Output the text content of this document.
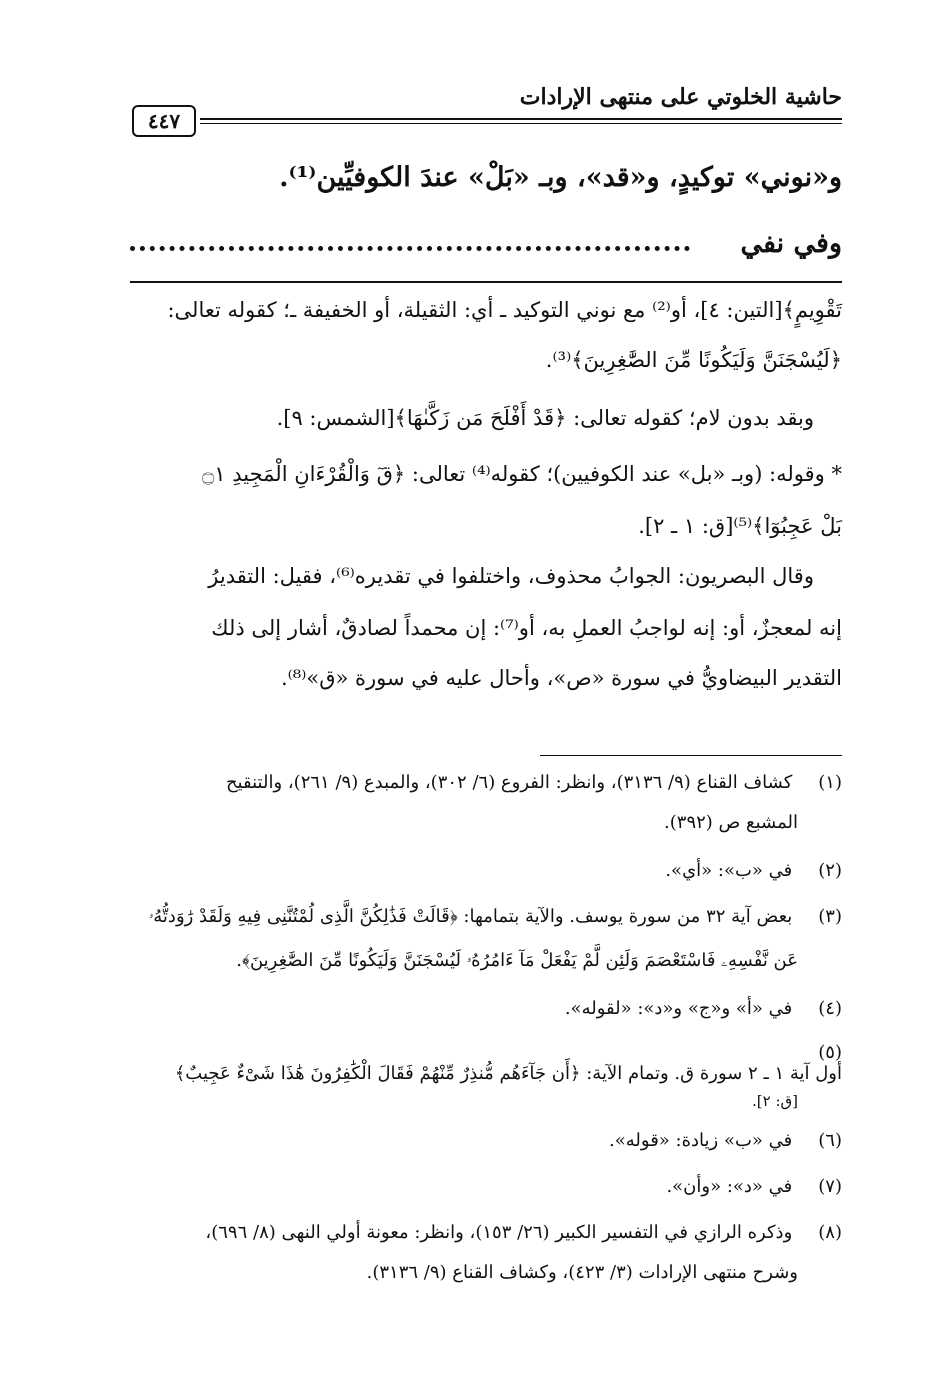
حاشية الخلوتي على منتهى الإرادات
٤٤٧
و«نوني» توكيدٍ، و«قد»، وبـ «بَلْ» عندَ الكوفيِّين⁽¹⁾.
وفي نفي
تَقْوِيمٍ﴾[التين: ٤]، أو⁽²⁾ مع نوني التوكيد ـ أي: الثقيلة، أو الخفيفة ـ؛ كقوله تعالى:
﴿لَيُسْجَنَنَّ وَلَيَكُونًا مِّنَ الصَّٰغِرِينَ﴾⁽³⁾.
وبقد بدون لام؛ كقوله تعالى: ﴿قَدْ أَفْلَحَ مَن زَكَّىٰهَا﴾[الشمس: ٩].
* وقوله: (وبـ «بل» عند الكوفيين)؛ كقوله⁽⁴⁾ تعالى: ﴿قٓ وَالْقُرْءَانِ الْمَجِيدِ ۝١
بَلْ عَجِبُوٓا﴾⁽⁵⁾[ق: ١ ـ ٢].
وقال البصريون: الجوابُ محذوف، واختلفوا في تقديره⁽⁶⁾، فقيل: التقديرُ
إنه لمعجزٌ، أو: إنه لواجبُ العملِ به، أو⁽⁷⁾: إن محمداً لصادقٌ، أشار إلى ذلك
التقدير البيضاويُّ في سورة «ص»، وأحال عليه في سورة «ق»⁽⁸⁾.
(١) كشاف القناع (٩/ ٣١٣٦)، وانظر: الفروع (٦/ ٣٠٢)، والمبدع (٩/ ٢٦١)، والتنقيح
المشبع ص (٣٩٢).
(٢) في «ب»: «أي».
(٣) بعض آية ٣٢ من سورة يوسف. والآية بتمامها: ﴿قَالَتْ فَذَٰلِكُنَّ الَّذِى لُمْتُنَّنِى فِيهِ وَلَقَدْ رَٰوَدتُّهُۥ
عَن نَّفْسِهِۦ فَاسْتَعْصَمَ وَلَئِن لَّمْ يَفْعَلْ مَآ ءَامُرُهُۥ لَيُسْجَنَنَّ وَلَيَكُونًا مِّنَ الصَّٰغِرِينَ﴾.
(٤) في «أ» و«ج» و«د»: «لقوله».
(٥) أول آية ١ ـ ٢ سورة ق. وتمام الآية: ﴿أَن جَآءَهُم مُّنذِرٌ مِّنْهُمْ فَقَالَ الْكَٰفِرُونَ هَٰذَا شَىْءٌ عَجِيبٌ﴾
[ق: ٢].
(٦) في «ب» زيادة: «قوله».
(٧) في «د»: «وأن».
(٨) وذكره الرازي في التفسير الكبير (٢٦/ ١٥٣)، وانظر: معونة أولي النهى (٨/ ٦٩٦)،
وشرح منتهى الإرادات (٣/ ٤٢٣)، وكشاف القناع (٩/ ٣١٣٦).
